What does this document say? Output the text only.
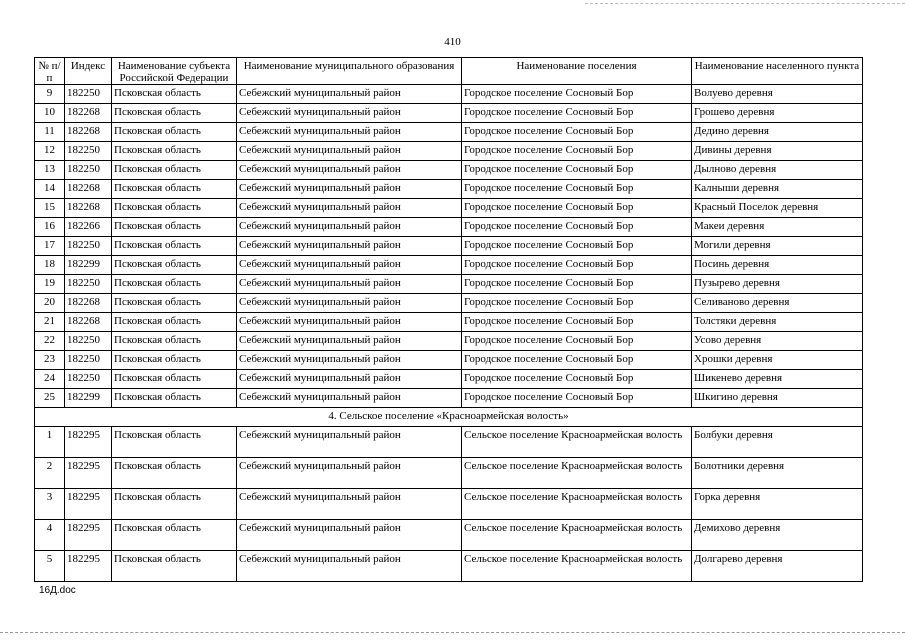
410
№ п/п	Индекс	Наименование субъекта Российской Федерации	Наименование муниципального образования	Наименование поселения	Наименование населенного пункта
9	182250	Псковская область	Себежский муниципальный район	Городское поселение Сосновый Бор	Волуево деревня
10	182268	Псковская область	Себежский муниципальный район	Городское поселение Сосновый Бор	Грошево деревня
11	182268	Псковская область	Себежский муниципальный район	Городское поселение Сосновый Бор	Дедино деревня
12	182250	Псковская область	Себежский муниципальный район	Городское поселение Сосновый Бор	Дивины деревня
13	182250	Псковская область	Себежский муниципальный район	Городское поселение Сосновый Бор	Дылново деревня
14	182268	Псковская область	Себежский муниципальный район	Городское поселение Сосновый Бор	Калныши деревня
15	182268	Псковская область	Себежский муниципальный район	Городское поселение Сосновый Бор	Красный Поселок деревня
16	182266	Псковская область	Себежский муниципальный район	Городское поселение Сосновый Бор	Макеи деревня
17	182250	Псковская область	Себежский муниципальный район	Городское поселение Сосновый Бор	Могили деревня
18	182299	Псковская область	Себежский муниципальный район	Городское поселение Сосновый Бор	Посинь деревня
19	182250	Псковская область	Себежский муниципальный район	Городское поселение Сосновый Бор	Пузырево деревня
20	182268	Псковская область	Себежский муниципальный район	Городское поселение Сосновый Бор	Селиваново деревня
21	182268	Псковская область	Себежский муниципальный район	Городское поселение Сосновый Бор	Толстяки деревня
22	182250	Псковская область	Себежский муниципальный район	Городское поселение Сосновый Бор	Усово деревня
23	182250	Псковская область	Себежский муниципальный район	Городское поселение Сосновый Бор	Хрошки деревня
24	182250	Псковская область	Себежский муниципальный район	Городское поселение Сосновый Бор	Шикенево деревня
25	182299	Псковская область	Себежский муниципальный район	Городское поселение Сосновый Бор	Шкигино деревня
4. Сельское поселение «Красноармейская волость»					
1	182295	Псковская область	Себежский муниципальный район	Сельское поселение Красноармейская волость	Болбуки деревня
2	182295	Псковская область	Себежский муниципальный район	Сельское поселение Красноармейская волость	Болотники деревня
3	182295	Псковская область	Себежский муниципальный район	Сельское поселение Красноармейская волость	Горка деревня
4	182295	Псковская область	Себежский муниципальный район	Сельское поселение Красноармейская волость	Демихово деревня
5	182295	Псковская область	Себежский муниципальный район	Сельское поселение Красноармейская волость	Долгарево деревня
16Д.doc
